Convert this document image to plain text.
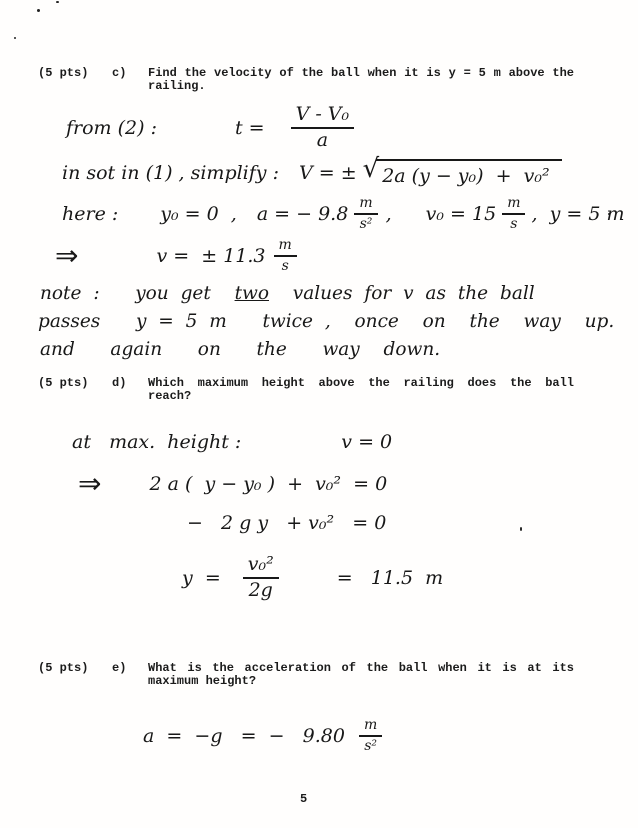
(5 pts) c) Find the velocity of the ball when it is y = 5 m above the
railing.
from (2) :	$t = \frac{\text{V - V₀}}{a}$
in sot in (1) , simplify : V = ± √ 2a (y − y₀)  +  v₀²
here : y₀ = 0  , a = − $9.8 \frac{m}{\text{s²}}$ , $v_0 = 15 \frac{m}{s}$ ,  y = 5 m
⇒	v =  ± $11.3 \frac{m}{s}$
note :   you get two values for v as the ball
passes   y = 5 m   twice ,  once  on  the  way  up.
and   again   on   the   way  down.
(5 pts) d) Which maximum height above the railing does the ball
reach?
at   max.  height :	v = 0
⇒	2 a (  y − y₀ )  +  v₀²  = 0
−   2 g y   + v₀²   = 0
$y = \frac{\text{v₀²}}{2g}$	=   11.5  m
(5 pts) e) What is the acceleration of the ball when it is at its
maximum height?
a  =  −g   =  −   $9.80 \frac{m}{\text{s²}}$
5
